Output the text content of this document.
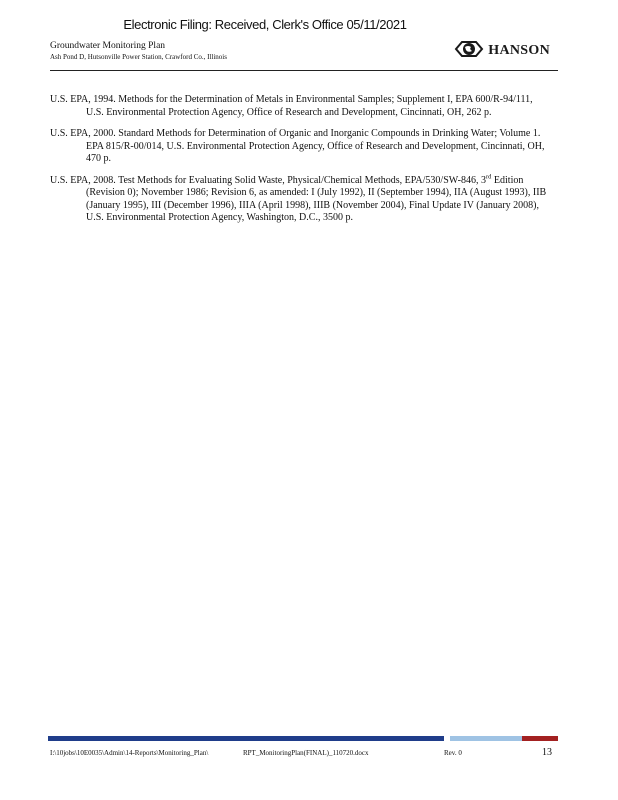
Electronic Filing: Received, Clerk's Office 05/11/2021
Groundwater Monitoring Plan
Ash Pond D, Hutsonville Power Station, Crawford Co., Illinois	HANSON

U.S. EPA, 1994. Methods for the Determination of Metals in Environmental Samples; Supplement I, EPA 600/R-94/111, U.S. Environmental Protection Agency, Office of Research and Development, Cincinnati, OH, 262 p.

U.S. EPA, 2000. Standard Methods for Determination of Organic and Inorganic Compounds in Drinking Water; Volume 1. EPA 815/R-00/014, U.S. Environmental Protection Agency, Office of Research and Development, Cincinnati, OH, 470 p.

U.S. EPA, 2008. Test Methods for Evaluating Solid Waste, Physical/Chemical Methods, EPA/530/SW-846, 3rd Edition (Revision 0); November 1986; Revision 6, as amended: I (July 1992), II (September 1994), IIA (August 1993), IIB (January 1995), III (December 1996), IIIA (April 1998), IIIB (November 2004), Final Update IV (January 2008), U.S. Environmental Protection Agency, Washington, D.C., 3500 p.

I:\10jobs\10E0035\Admin\14-Reports\Monitoring_Plan\	RPT_MonitoringPlan(FINAL)_110720.docx	Rev. 0	13
